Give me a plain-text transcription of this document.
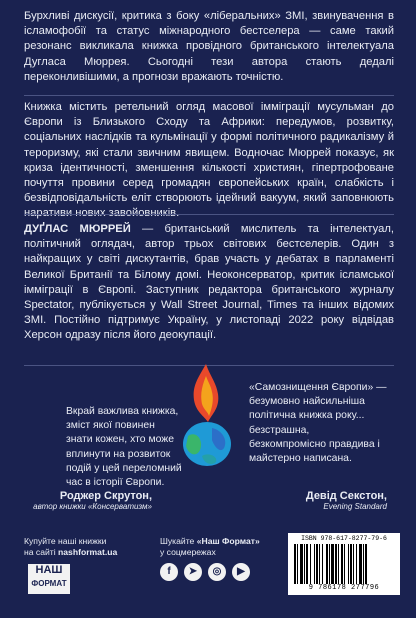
Бурхливі дискусії, критика з боку «ліберальних» ЗМІ, звинувачення в ісламофобії та статус міжнародного бестселера — саме такий резонанс викликала книжка провідного британського інтелектуала Дугласа Мюррея. Сьогодні тези автора стають дедалі переконливішими, а прогнози вражають точністю.

Книжка містить ретельний огляд масової імміграції мусульман до Європи із Близького Сходу та Африки: передумов, розвитку, соціальних наслідків та кульмінації у формі політичного радикалізму й тероризму, які стали звичним явищем. Водночас Мюррей показує, як криза ідентичності, зменшення кількості християн, гіпертрофоване почуття провини серед громадян європейських країн, слабкість і безвідповідальність еліт створюють ідейний вакуум, який заповнюють наративи нових завойовників.

ДУҐЛАС МЮРРЕЙ — британський мислитель та інтелектуал, політичний оглядач, автор трьох світових бестселерів. Один з найкращих у світі дискутантів, брав участь у дебатах в парламенті Великої Британії та Білому домі. Неоконсерватор, критик ісламської імміграції в Європі. Заступник редактора британського журналу Spectator, публікується у Wall Street Journal, Times та інших відомих ЗМІ. Постійно підтримує Україну, у листопаді 2022 року відвідав Херсон одразу після його деокупації.

Вкрай важлива книжка, зміст якої повинен знати кожен, хто може вплинути на розвиток подій у цей переломний час в історії Європи.

Роджер Скрутон,
автор книжки «Консерватизм»

«Самознищення Європи» — безумовно найсильніша політична книжка року... безстрашна, безкомпромісно правдива і майстерно написана.

Девід Секстон,
Evening Standard
Купуйте наші книжки
на сайті nashformat.ua
Шукайте «Наш Формат»
у соцмережах
НАШ
ФОРМАТ
f	➤	◎	▶
ISBN 978-617-8277-79-6
9 786178 277796
